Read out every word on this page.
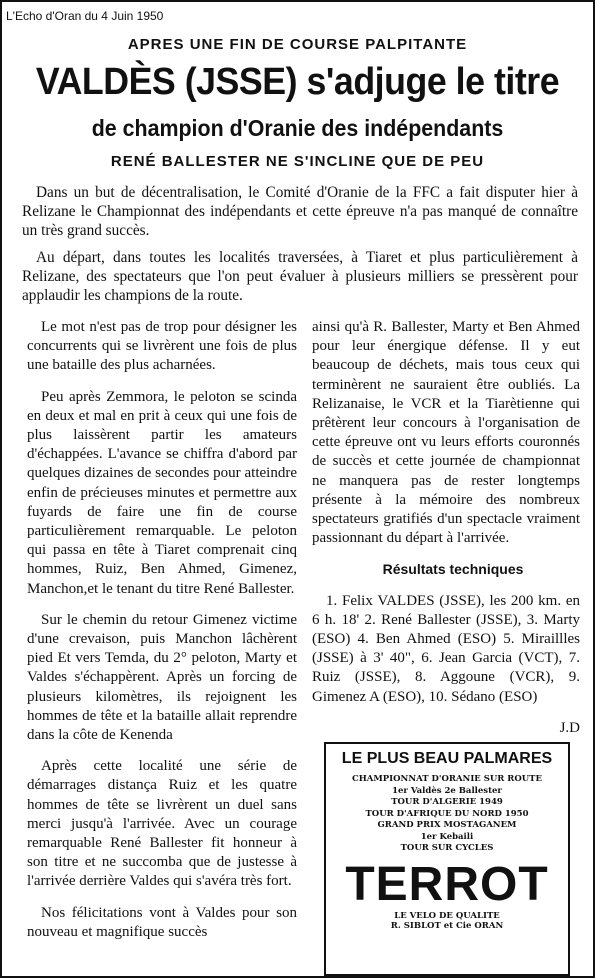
L'Echo d'Oran du 4 Juin 1950
APRES UNE FIN DE COURSE PALPITANTE
VALDÈS (JSSE) s'adjuge le titre
de champion d'Oranie des indépendants
RENÉ BALLESTER NE S'INCLINE QUE DE PEU

Dans un but de décentralisation, le Comité d'Oranie de la FFC a fait disputer hier à Relizane le Championnat des indépendants et cette épreuve n'a pas manqué de connaître un très grand succès.

Au départ, dans toutes les localités traversées, à Tiaret et plus particulièrement à Relizane, des spectateurs que l'on peut évaluer à plusieurs milliers se pressèrent pour applaudir les champions de la route.

Le mot n'est pas de trop pour désigner les concurrents qui se livrèrent une fois de plus une bataille des plus acharnées.

Peu après Zemmora, le peloton se scinda en deux et mal en prit à ceux qui une fois de plus laissèrent partir les amateurs d'échappées. L'avance se chiffra d'abord par quelques dizaines de secondes pour atteindre enfin de précieuses minutes et permettre aux fuyards de faire une fin de course particulièrement remarquable. Le peloton qui passa en tête à Tiaret comprenait cinq hommes, Ruiz, Ben Ahmed, Gimenez, Manchon,et le tenant du titre René Ballester.

Sur le chemin du retour Gimenez victime d'une crevaison, puis Manchon lâchèrent pied Et vers Temda, du 2° peloton, Marty et Valdes s'échappèrent. Après un forcing de plusieurs kilomètres, ils rejoignent les hommes de tête et la bataille allait reprendre dans la côte de Kenenda

Après cette localité une série de démarrages distança Ruiz et les quatre hommes de tête se livrèrent un duel sans merci jusqu'à l'arrivée. Avec un courage remarquable René Ballester fit honneur à son titre et ne succomba que de justesse à l'arrivée derrière Valdes qui s'avéra très fort.

Nos félicitations vont à Valdes pour son nouveau et magnifique succès

ainsi qu'à R. Ballester, Marty et Ben Ahmed pour leur énergique défense. Il y eut beaucoup de déchets, mais tous ceux qui terminèrent ne sauraient être oubliés. La Relizanaise, le VCR et la Tiarètienne qui prêtèrent leur concours à l'organisation de cette épreuve ont vu leurs efforts couronnés de succès et cette journée de championnat ne manquera pas de rester longtemps présente à la mémoire des nombreux spectateurs gratifiés d'un spectacle vraiment passionnant du départ à l'arrivée.

Résultats techniques

1. Felix VALDES (JSSE), les 200 km. en 6 h. 18' 2. René Ballester (JSSE), 3. Marty (ESO) 4. Ben Ahmed (ESO) 5. Miraillles (JSSE) à 3' 40", 6. Jean Garcia (VCT), 7. Ruiz (JSSE), 8. Aggoune (VCR), 9. Gimenez A (ESO), 10. Sédano (ESO)

J.D

LE PLUS BEAU PALMARES
CHAMPIONNAT D'ORANIE SUR ROUTE
1er Valdès 2e Ballester
TOUR D'ALGERIE 1949
TOUR D'AFRIQUE DU NORD 1950
GRAND PRIX MOSTAGANEM
1er Kebaili
TOUR SUR CYCLES
TERROT
LE VELO DE QUALITE
R. SIBLOT et Cie ORAN
